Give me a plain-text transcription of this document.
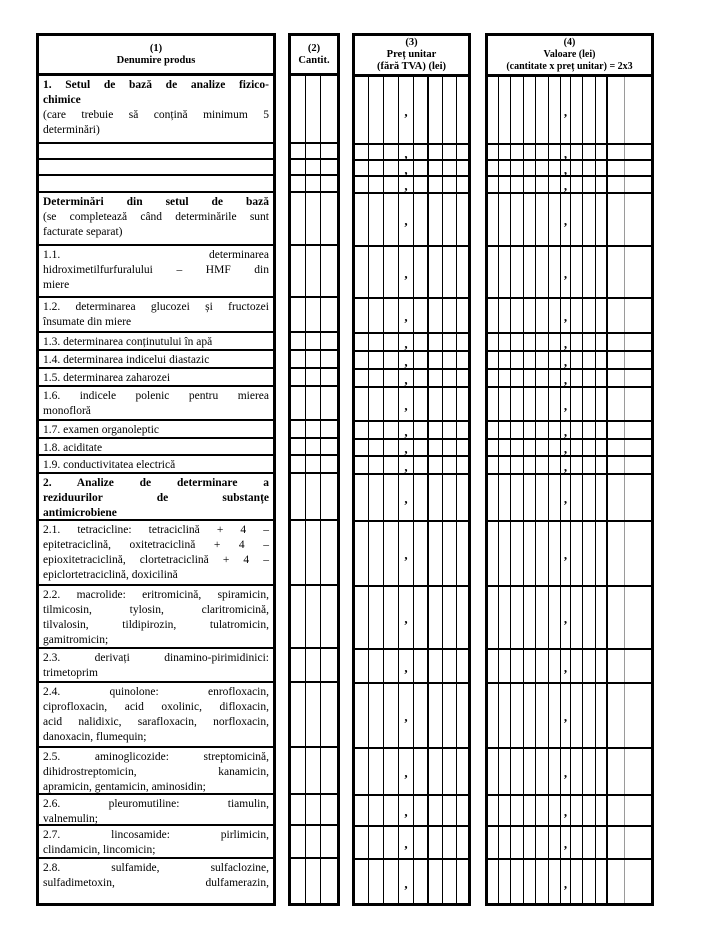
(1)
Denumire produs
1. Setul de bază de analize fizico-
chimice
(care trebuie să conțină minimum 5
determinări)
Determinări din setul de bază
(se completează când determinările sunt
facturate separat)
1.1. determinarea
hidroximetilfurfuralului – HMF din
miere
1.2. determinarea glucozei și fructozei
însumate din miere
1.3. determinarea conținutului în apă
1.4. determinarea indicelui diastazic
1.5. determinarea zaharozei
1.6. indicele polenic pentru mierea
monofloră
1.7. examen organoleptic
1.8. aciditate
1.9. conductivitatea electrică
2. Analize de determinare a
reziduurilor de substanțe
antimicrobiene
2.1. tetracicline: tetraciclină + 4 –
epitetraciclină, oxitetraciclină + 4 –
epioxitetraciclină, clortetraciclină + 4 –
epiclortetraciclină, doxicilină
2.2. macrolide: eritromicină, spiramicin,
tilmicosin, tylosin, claritromicină,
tilvalosin, tildipirozin, tulatromicin,
gamitromicin;
2.3. derivați dinamino-pirimidinici:
trimetoprim
2.4. quinolone: enrofloxacin,
ciprofloxacin, acid oxolinic, difloxacin,
acid nalidixic, sarafloxacin, norfloxacin,
danoxacin, flumequin;
2.5. aminoglicozide: streptomicină,
dihidrostreptomicin, kanamicin,
apramicin, gentamicin, aminosidin;
2.6. pleuromutiline: tiamulin,
valnemulin;
2.7. lincosamide: pirlimicin,
clindamicin, lincomicin;
2.8. sulfamide, sulfaclozine,
sulfadimetoxin, dulfamerazin,
(2)
Cantit.
(3)
Preț unitar
(fără TVA) (lei)
,
,
,
,
,
,
,
,
,
,
,
,
,
,
,
,
,
,
,
,
,
,
,
(4)
Valoare (lei)
(cantitate x preț unitar) = 2x3
,
,
,
,
,
,
,
,
,
,
,
,
,
,
,
,
,
,
,
,
,
,
,
